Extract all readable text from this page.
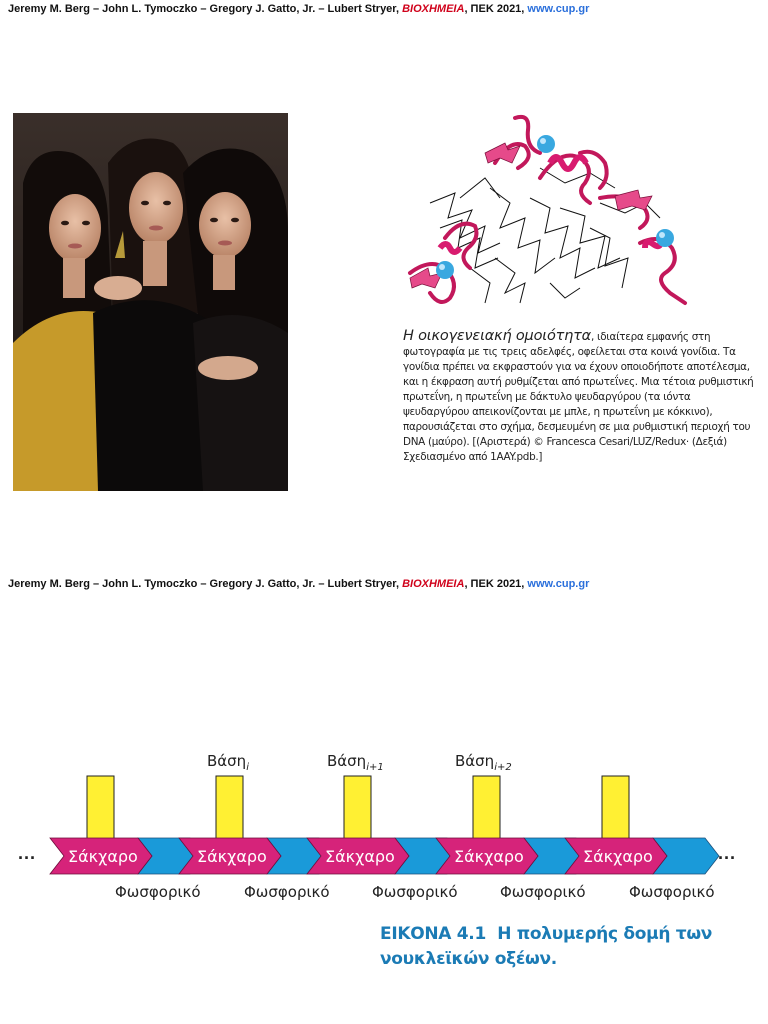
Jeremy M. Berg – John L. Tymoczko – Gregory J. Gatto, Jr. – Lubert Stryer, ΒΙΟΧΗΜΕΙΑ, ΠΕΚ 2021, www.cup.gr
Η οικογενειακή ομοιότητα, ιδιαίτερα εμφανής στη φωτογραφία με τις τρεις αδελφές, οφείλεται στα κοινά γονίδια. Τα γονίδια πρέπει να εκφραστούν για να έχουν οποιοδήποτε αποτέλεσμα, και η έκφραση αυτή ρυθμίζεται από πρωτεΐνες. Μια τέτοια ρυθμιστική πρωτεΐνη, η πρωτεΐνη με δάκτυλο ψευδαργύρου (τα ιόντα ψευδαργύρου απεικονίζονται με μπλε, η πρωτεΐνη με κόκκινο), παρουσιάζεται στο σχήμα, δεσμευμένη σε μια ρυθμιστική περιοχή του DNA (μαύρο). [(Αριστερά) © Francesca Cesari/LUZ/Redux· (Δεξιά) Σχεδιασμένο από 1AAY.pdb.]
Jeremy M. Berg – John L. Tymoczko – Gregory J. Gatto, Jr. – Lubert Stryer, ΒΙΟΧΗΜΕΙΑ, ΠΕΚ 2021, www.cup.gr
Βάση$_i$	Βάση$_{i+1}$	Βάση$_{i+2}$
Σάκχαρο	Σάκχαρο	Σάκχαρο	Σάκχαρο	Σάκχαρο
···	···
Φωσφορικό	Φωσφορικό	Φωσφορικό	Φωσφορικό	Φωσφορικό
ΕΙΚΟΝΑ 4.1 Η πολυμερής δομή των νουκλεϊκών οξέων.
